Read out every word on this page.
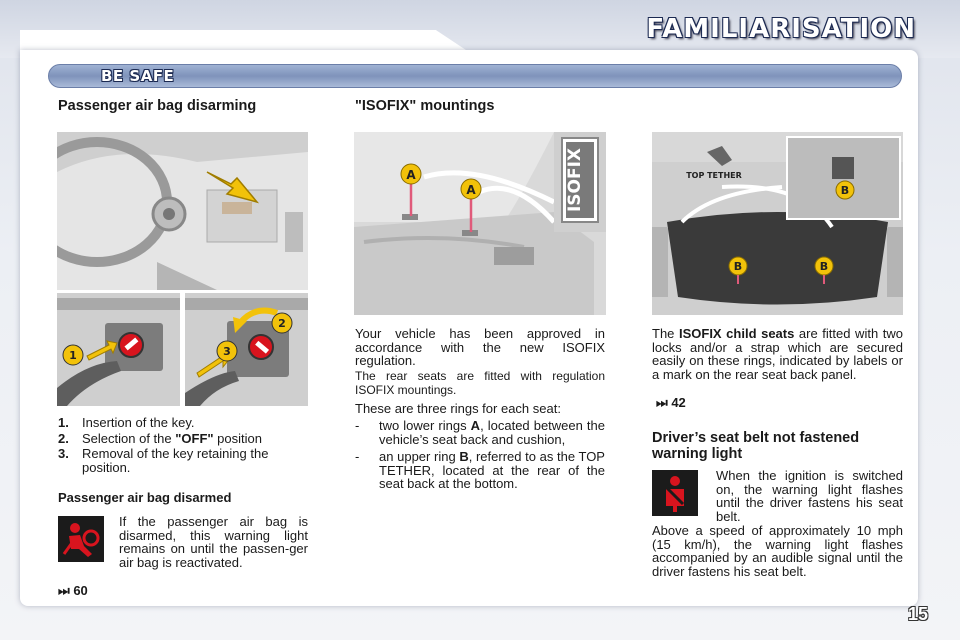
FAMILIARISATION
BE SAFE
Passenger air bag disarming
1
2
3
1. Insertion of the key.
2. Selection of the "OFF" position
3. Removal of the key retaining the position.
Passenger air bag disarmed
If the passenger air bag is disarmed, this warning light remains on until the passen-ger air bag is reactivated.
⏭ 60
"ISOFIX" mountings
A
A	ISOFIX
Your vehicle has been approved in accordance with the new ISOFIX regulation.
The rear seats are fitted with regulation ISOFIX mountings.
These are three rings for each seat:
- two lower rings A, located between the vehicle’s seat back and cushion,
- an upper ring B, referred to as the TOP TETHER, located at the rear of the seat back at the bottom.
TOP TETHER
B
B	B
The ISOFIX child seats are fitted with two locks and/or a strap which are secured easily on these rings, indicated by labels or a mark on the rear seat back panel.
⏭ 42
Driver’s seat belt not fastened warning light
When the ignition is switched on, the warning light flashes until the driver fastens his seat belt.
Above a speed of approximately 10 mph (15 km/h), the warning light flashes accompanied by an audible signal until the driver fastens his seat belt.
15
